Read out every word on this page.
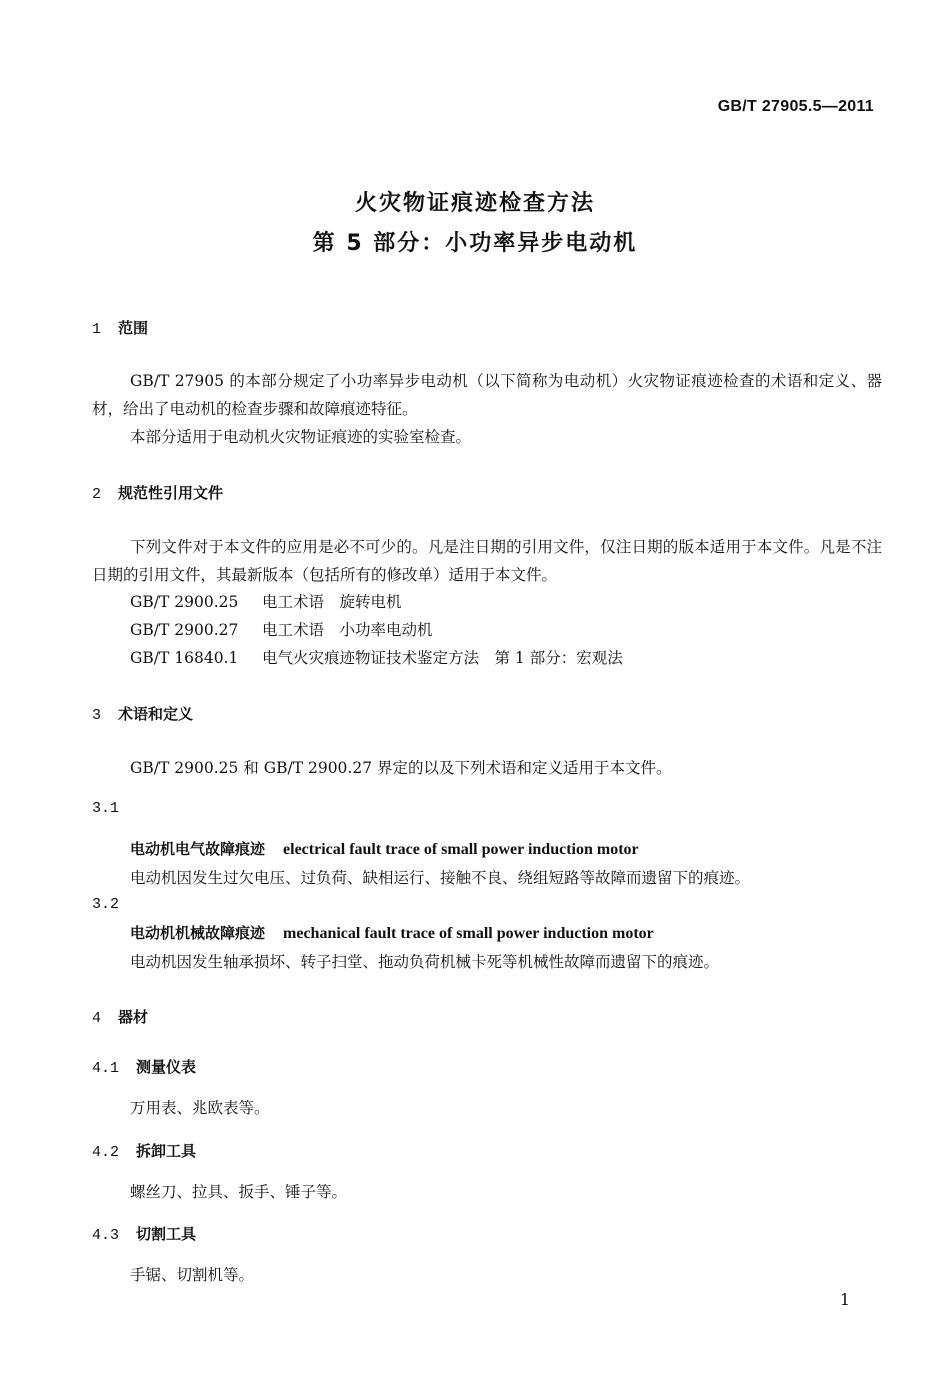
GB/T 27905.5—2011
火灾物证痕迹检查方法
第 5 部分：小功率异步电动机
1 范围

GB/T 27905 的本部分规定了小功率异步电动机（以下简称为电动机）火灾物证痕迹检查的术语和定义、器材，给出了电动机的检查步骤和故障痕迹特征。

本部分适用于电动机火灾物证痕迹的实验室检查。

2 规范性引用文件

下列文件对于本文件的应用是必不可少的。凡是注日期的引用文件，仅注日期的版本适用于本文件。凡是不注日期的引用文件，其最新版本（包括所有的修改单）适用于本文件。

GB/T 2900.25 电工术语　旋转电机
GB/T 2900.27 电工术语　小功率电动机
GB/T 16840.1 电气火灾痕迹物证技术鉴定方法　第 1 部分：宏观法
3 术语和定义
GB/T 2900.25 和 GB/T 2900.27 界定的以及下列术语和定义适用于本文件。
3.1
电动机电气故障痕迹 electrical fault trace of small power induction motor
电动机因发生过欠电压、过负荷、缺相运行、接触不良、绕组短路等故障而遗留下的痕迹。
3.2
电动机机械故障痕迹 mechanical fault trace of small power induction motor
电动机因发生轴承损坏、转子扫堂、拖动负荷机械卡死等机械性故障而遗留下的痕迹。
4 器材
4.1 测量仪表
万用表、兆欧表等。
4.2 拆卸工具
螺丝刀、拉具、扳手、锤子等。
4.3 切割工具
手锯、切割机等。
1
